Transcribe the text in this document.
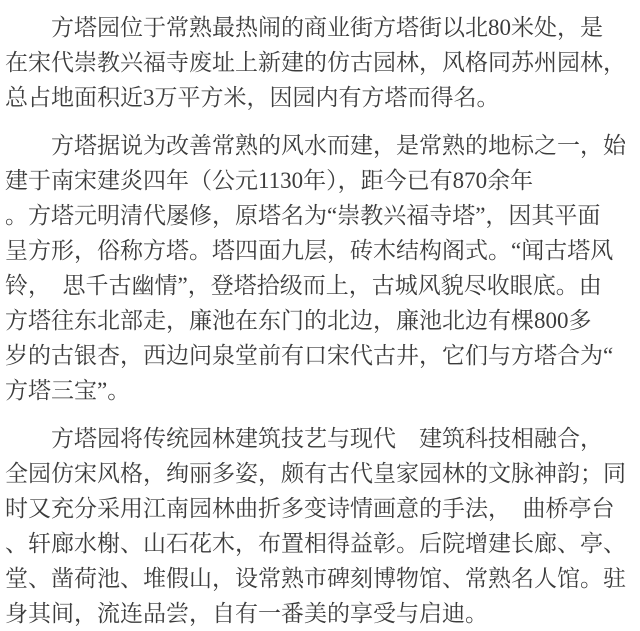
方塔园位于常熟最热闹的商业街方塔街以北80米处，是
在宋代崇教兴福寺废址上新建的仿古园林，风格同苏州园林，
总占地面积近3万平方米，因园内有方塔而得名。
方塔据说为改善常熟的风水而建，是常熟的地标之一，始
建于南宋建炎四年（公元1130年），距今已有870余年
。方塔元明清代屡修，原塔名为“崇教兴福寺塔”，因其平面
呈方形，俗称方塔。塔四面九层，砖木结构阁式。“闻古塔风
铃，　思千古幽情”，登塔拾级而上，古城风貌尽收眼底。由
方塔往东北部走，廉池在东门的北边，廉池北边有棵800多
岁的古银杏，西边问泉堂前有口宋代古井，它们与方塔合为“
方塔三宝”。
方塔园将传统园林建筑技艺与现代　建筑科技相融合，
全园仿宋风格，绚丽多姿，颇有古代皇家园林的文脉神韵；同
时又充分采用江南园林曲折多变诗情画意的手法，　曲桥亭台
、轩廊水榭、山石花木，布置相得益彰。后院增建长廊、亭、
堂、凿荷池、堆假山，设常熟市碑刻博物馆、常熟名人馆。驻
身其间，流连品尝，自有一番美的享受与启迪。
